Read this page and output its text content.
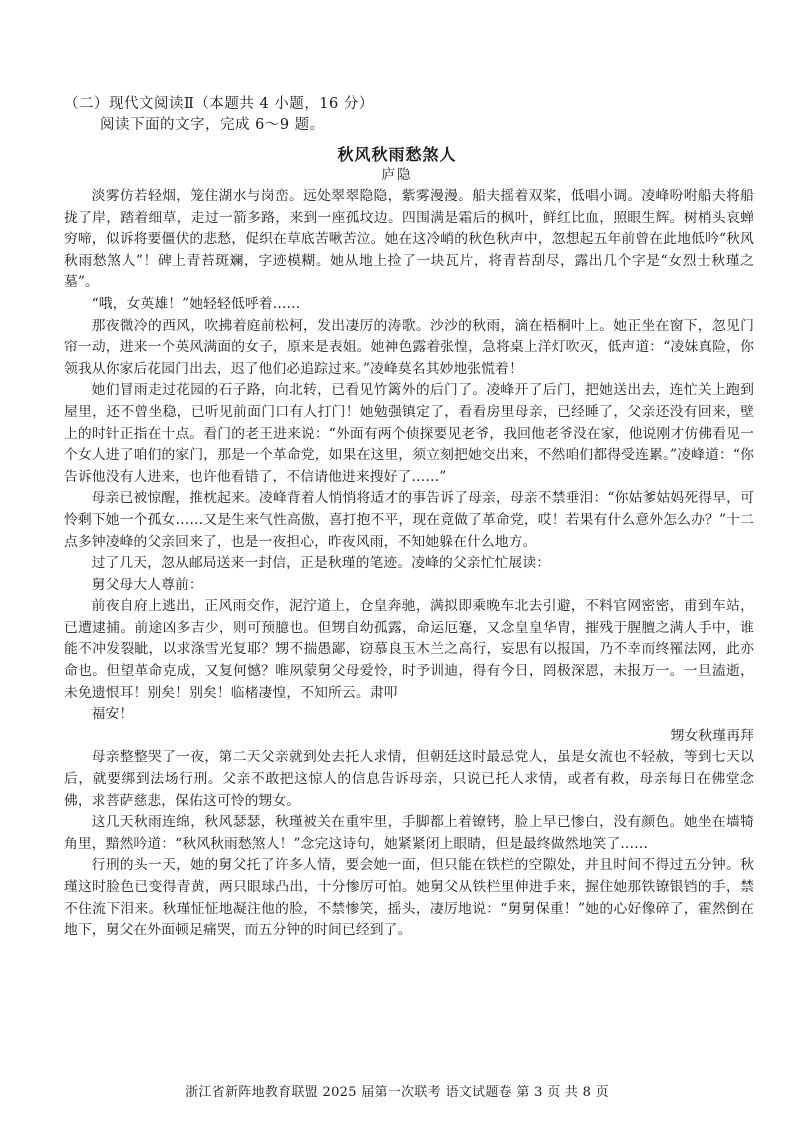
（二）现代文阅读Ⅱ（本题共 4 小题，16 分）
阅读下面的文字，完成 6～9 题。
秋风秋雨愁煞人
庐隐

淡雾仿若轻烟，笼住湖水与岗峦。远处翠翠隐隐，紫雾漫漫。船夫摇着双桨，低唱小调。凌峰吩咐船夫将船拢了岸，踏着细草，走过一箭多路，来到一座孤坟边。四围满是霜后的枫叶，鲜红比血，照眼生辉。树梢头哀蝉穷啼，似诉将要僵伏的悲愁，促织在草底苦啾苦泣。她在这冷峭的秋色秋声中，忽想起五年前曾在此地低吟“秋风秋雨愁煞人”！碑上青苔斑斓，字迹模糊。她从地上捡了一块瓦片，将青苔刮尽，露出几个字是“女烈士秋瑾之墓”。

“哦，女英雄！”她轻轻低呼着……

那夜微冷的西风，吹拂着庭前松柯，发出凄厉的涛歌。沙沙的秋雨，滴在梧桐叶上。她正坐在窗下，忽见门帘一动，进来一个英风满面的女子，原来是表姐。她神色露着张惶，急将桌上洋灯吹灭，低声道：“凌妹真险，你领我从你家后花园门出去，迟了他们必追踪过来。”凌峰莫名其妙地张慌着！

她们冒雨走过花园的石子路，向北转，已看见竹篱外的后门了。凌峰开了后门，把她送出去，连忙关上跑到屋里，还不曾坐稳，已听见前面门口有人打门！她勉强镇定了，看看房里母亲，已经睡了，父亲还没有回来，壁上的时针正指在十点。看门的老王进来说：“外面有两个侦探要见老爷，我回他老爷没在家，他说刚才仿佛看见一个女人进了咱们的家门，那是一个革命党，如果在这里，须立刻把她交出来，不然咱们都得受连累。”凌峰道：“你告诉他没有人进来，也许他看错了，不信请他进来搜好了……”

母亲已被惊醒，推枕起来。凌峰背着人悄悄将适才的事告诉了母亲，母亲不禁垂泪：“你姑爹姑妈死得早，可怜剩下她一个孤女……又是生来气性高傲，喜打抱不平，现在竟做了革命党，哎！若果有什么意外怎么办？”十二点多钟凌峰的父亲回来了，也是一夜担心，昨夜风雨，不知她躲在什么地方。

过了几天，忽从邮局送来一封信，正是秋瑾的笔迹。凌峰的父亲忙忙展读：

舅父母大人尊前：

前夜自府上逃出，正风雨交作，泥泞道上，仓皇奔驰，满拟即乘晚车北去引避，不料官网密密，甫到车站，已遭逮捕。前途凶多吉少，则可预臆也。但甥自幼孤露，命运厄蹇，又念皇皇华胄，摧残于腥膻之满人手中，谁能不冲发裂眦，以求涤雪光复耶？甥不揣愚鄙，窃慕良玉木兰之高行，妄思有以报国，乃不幸而终罹法网，此亦命也。但望革命克成，又复何憾？唯夙蒙舅父母爱怜，时予训迪，得有今日，罔极深恩，未报万一。一旦溘逝，未免遗恨耳！别矣！别矣！临楮凄惶，不知所云。肃叩

福安！

甥女秋瑾再拜

母亲整整哭了一夜，第二天父亲就到处去托人求情，但朝廷这时最忌党人，虽是女流也不轻赦，等到七天以后，就要绑到法场行刑。父亲不敢把这惊人的信息告诉母亲，只说已托人求情，或者有救，母亲每日在佛堂念佛，求菩萨慈悲，保佑这可怜的甥女。

这几天秋雨连绵，秋风瑟瑟，秋瑾被关在重牢里，手脚都上着镣铐，脸上早已惨白，没有颜色。她坐在墙犄角里，黯然吟道：“秋风秋雨愁煞人！”念完这诗句，她紧紧闭上眼睛，但是最终做然地笑了……

行刑的头一天，她的舅父托了许多人情，要会她一面，但只能在铁栏的空隙处，并且时间不得过五分钟。秋瑾这时脸色已变得青黄，两只眼球凸出，十分惨厉可怕。她舅父从铁栏里伸进手来，握住她那铁镣银铛的手，禁不住流下泪来。秋瑾怔怔地凝注他的脸，不禁惨笑，摇头，凄厉地说：“舅舅保重！”她的心好像碎了，霍然倒在地下，舅父在外面顿足痛哭，而五分钟的时间已经到了。

浙江省新阵地教育联盟 2025 届第一次联考 语文试题卷 第 3 页 共 8 页
